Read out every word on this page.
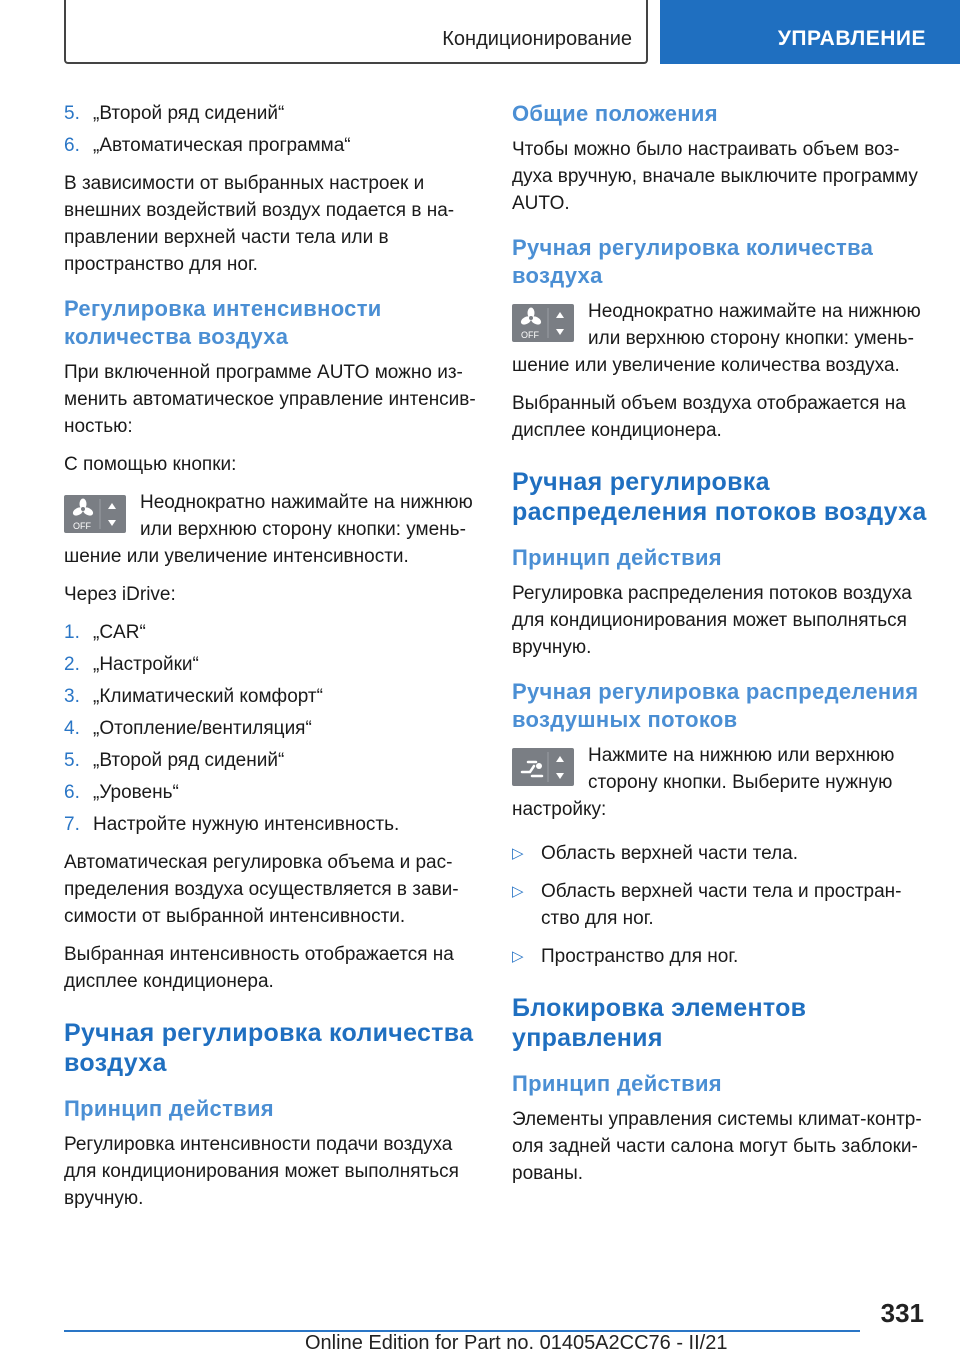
Кондиционирование	УПРАВЛЕНИЕ
5. „Второй ряд сидений“
6. „Автоматическая программа“

В зависимости от выбранных настроек и внешних воздействий воздух подается в направлении верхней части тела или в пространство для ног.

Регулировка интенсивности количества воздуха

При включенной программе AUTO можно изменить автоматическое управление интенсивностью:

С помощью кнопки:

OFF
Неоднократно нажимайте на нижнюю или верхнюю сторону кнопки: уменьшение или увеличение интенсивности.

Через iDrive:

1. „CAR“
2. „Настройки“
3. „Климатический комфорт“
4. „Отопление/вентиляция“
5. „Второй ряд сидений“
6. „Уровень“
7. Настройте нужную интенсивность.

Автоматическая регулировка объема и распределения воздуха осуществляется в зависимости от выбранной интенсивности.

Выбранная интенсивность отображается на дисплее кондиционера.

Ручная регулировка количества воздуха
Принцип действия

Регулировка интенсивности подачи воздуха для кондиционирования может выполняться вручную.

Общие положения

Чтобы можно было настраивать объем воздуха вручную, вначале выключите программу AUTO.

Ручная регулировка количества воздуха
OFF
Неоднократно нажимайте на нижнюю или верхнюю сторону кнопки: уменьшение или увеличение количества воздуха.

Выбранный объем воздуха отображается на дисплее кондиционера.

Ручная регулировка распределения потоков воздуха
Принцип действия

Регулировка распределения потоков воздуха для кондиционирования может выполняться вручную.

Ручная регулировка распределения воздушных потоков
Нажмите на нижнюю или верхнюю сторону кнопки. Выберите нужную настройку:
▷ Область верхней части тела.
▷ Область верхней части тела и пространство для ног.
▷ Пространство для ног.
Блокировка элементов управления
Принцип действия

Элементы управления системы климат-контроля задней части салона могут быть заблокированы.

331
Online Edition for Part no. 01405A2CC76 - II/21
